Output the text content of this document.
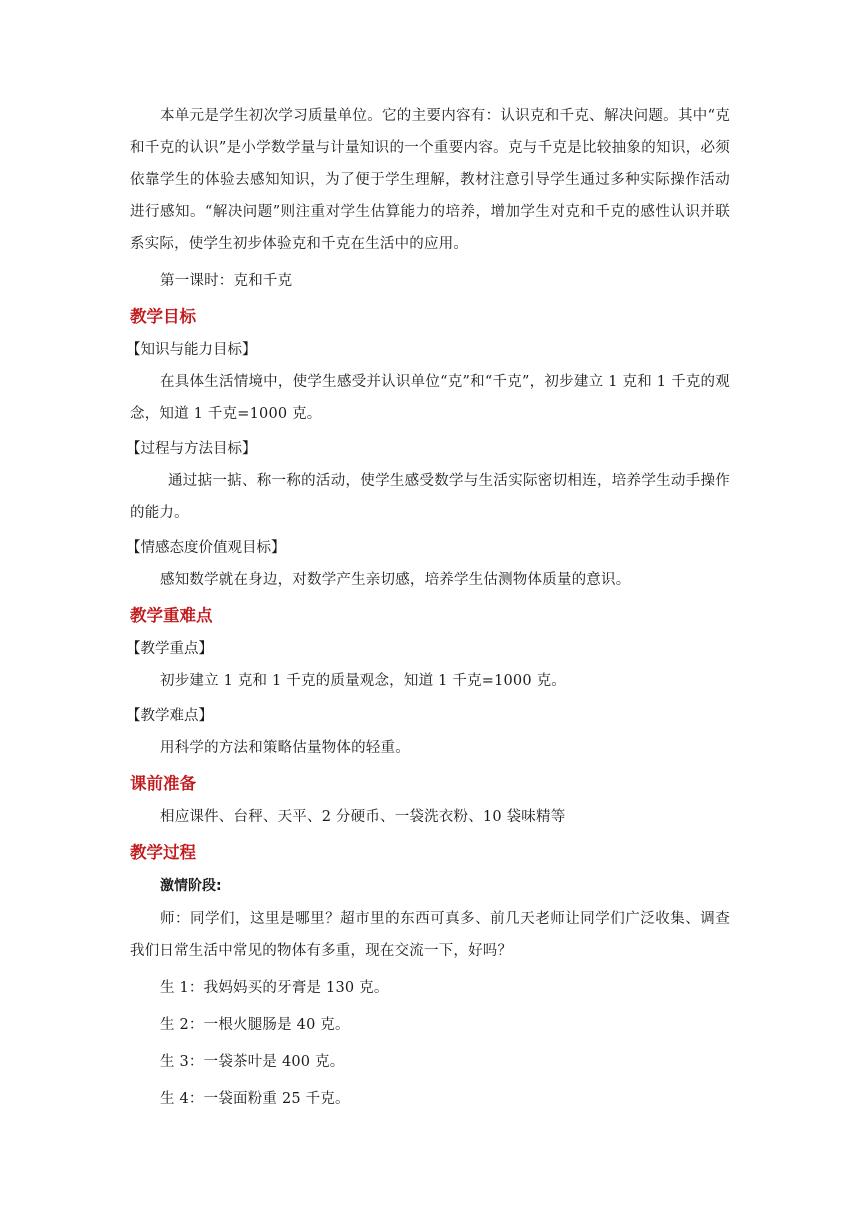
本单元是学生初次学习质量单位。它的主要内容有：认识克和千克、解决问题。其中“克和千克的认识”是小学数学量与计量知识的一个重要内容。克与千克是比较抽象的知识，必须依靠学生的体验去感知知识，为了便于学生理解，教材注意引导学生通过多种实际操作活动进行感知。“解决问题”则注重对学生估算能力的培养，增加学生对克和千克的感性认识并联系实际，使学生初步体验克和千克在生活中的应用。

第一课时：克和千克

教学目标
【知识与能力目标】

在具体生活情境中，使学生感受并认识单位“克”和“千克”，初步建立 1 克和 1 千克的观念，知道 1 千克=1000 克。

【过程与方法目标】

通过掂一掂、称一称的活动，使学生感受数学与生活实际密切相连，培养学生动手操作的能力。

【情感态度价值观目标】

感知数学就在身边，对数学产生亲切感，培养学生估测物体质量的意识。

教学重难点
【教学重点】

初步建立 1 克和 1 千克的质量观念，知道 1 千克=1000 克。

【教学难点】

用科学的方法和策略估量物体的轻重。

课前准备

相应课件、台秤、天平、2 分硬币、一袋洗衣粉、10 袋味精等

教学过程
激情阶段:

师：同学们，这里是哪里？超市里的东西可真多、前几天老师让同学们广泛收集、调查我们日常生活中常见的物体有多重，现在交流一下，好吗？

生 1：我妈妈买的牙膏是 130 克。

生 2：一根火腿肠是 40 克。

生 3：一袋茶叶是 400 克。

生 4：一袋面粉重 25 千克。
